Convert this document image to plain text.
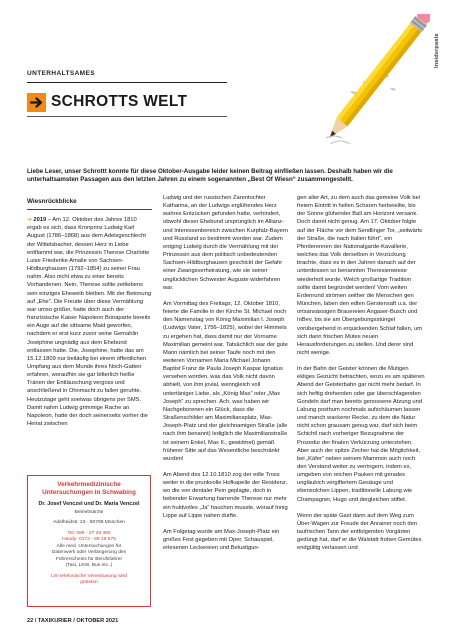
Insiderpaste
UNTERHALTSAMES
SCHROTTS WELT
Liebe Leser, unser Schrottt konnte für diese Oktober-Ausgabe leider keinen Beitrag einfließen lassen. Deshalb haben wir die unterhaltsamsten Passagen aus den letzten Jahren zu einem sogenannten „Best Of Wiesn“ zusammengestellt.
Wiesnrückblicke

➔ 2019 – Am 12. Oktober des Jahres 1810 ergab es sich, dass Kronprinz Ludwig Karl August (1786–1868) aus dem Adelsgeschlecht der Wittelsbacher, dessen Herz in Liebe entflammt war, die Prinzessin Therese Charlotte Luise Friederike Amalie von Sachsen-Hildburghausen (1792–1854) zu seiner Frau nahm. Also nicht etwa zu einer bereits Vorhandenen. Nein, Therese sollte zeitlebens sein einziges Eheweib bleiben. Mit der Betonung auf „Ehe“. Die Freude über diese Vermählung war umso größer, hatte doch auch der französische Kaiser Napoleon Bonaparte bereits ein Auge auf die sittsame Maid geworfen, nachdem er erst kurz zuvor seine Gemahlin Joséphine ungnädig aus dem Ehebund entlassen hatte. Die, Josephine, hatte das am 15.12.1809 nur beiläufig bei einem öffentlichen Umpfang aus dem Munde ihres Noch-Gatten erfahren, woraufhin sie gar bitterlich heiße Tränen der Enttäuschung vergoss und anschließend in Ohnmacht zu fallen geruhte. Heutzutage geht soetwas übrigens per SMS. Damit nahm Ludwig grimmige Rache an Napoleon, hatte der doch seinerseits vorher die Heirat zwischen

Verkehrmedizinische Untersuchungen in Schwabing
Dr. Josef Venczel und Dr. Maria Venczel
Betriebsärzte
Adelheidstr. 23 · 80798 München
Tel: 089 - 27 29 460
Handy: 0172 - 89 18 575
Alle med. Untersuchungen für
Datenwerk oder Verlängerung des
Führerscheins für Berufsfahrer
(Taxi, LKW, Bus etc..)
Um telefonische Vereinbarung wird
gebeten

Ludwig und der russischen Zarentochter Katharina, an der Ludwigs erglühendes Herz wahres Entzücken gefunden hatte, verhindert, obwohl dieser Ehebund ursprünglich im Allianz- und Interessenbereich zwischen Kurpfalz-Bayern und Russland so bestimmt worden war. Zudem entging Ludwig durch die Vermählung mit der Prinzessin aus dem politisch unbedeutenden Sachsen-Hildburghausen geschickt der Gefahr einer Zwangsverheiratung, wie sie seiner unglücklichen Schwester Auguste widerfahren war.

Am Vormittag des Freitags, 12. Oktober 1810, feierte die Familie in der Kirche St. Michael noch den Namenstag von König Maximilian I. Joseph (Ludwigs Vater, 1756–1825), wobei der Himmels zu ergehen hat, dass damit nur der Vorname Maximilian gemeint war. Tatsächlich war der gute Mann nämlich bei seiner Taufe noch mit den weiteren Vornamen Maria Michael Johann Baptist Franz de Paula Joseph Kaspar Ignatius versehen worden, was das Volk nicht davon abhielt, von ihm jovial, wenngleich voll untertäniger Liebe, als „König Max“ oder „Max Joseph“ zu sprechen. Ach, was haben wir Nachgeborenen ein Glück, dass die Straßenschilder am Maximiliansplatz, Max-Joseph-Platz und der gleichnamigen Straße (alle nach ihm benannt) lediglich die Maximilianstraße ist seinem Enkel, Max II., gewidmet) gemäß früherer Sitte auf das Wesentliche beschränkt wurden!

Am Abend des 12.10.1810 zog der edle Tross weiter in die prunkvolle Hofkapelle der Residenz, wo die von dentaler Pein geplagte, doch in bebender Erwartung harrende Therese nur mehr ein huldvolles „Ja“ hauchen musste, worauf Innig Lippe auf Lippe nahen durfte.

Am Folgetag wurde am Max-Joseph-Platz ein großes Fest gegeben mit Oper, Schauspiel, erlesenen Leckereien und Belustigun-

gen aller Art, zu dem auch das gemeine Volk bei freiem Eintritt in hellen Scharen herbeieilte, bis der Sonne glühender Ball am Horizont versank. Doch damit nicht genug. Am 17. Oktober folgte auf der Fläche vor dem Sendlinger Tor, „seitwärts der Straße, die nach Italien führt“, ein Pferderennen der Nationalgarde-Kavallerie, welches das Volk derselben in Verzückung brachte, dass es in den Jahren danach auf der unterdessen so benannten Theresienwiese wiederholt wurde. Welch großartige Tradition sollte damit begründet werden! Vom weiten Erdenrund strömen seither die Menschen gen München, laben den edlen Gerstensaft u.a. der ortsansässigen Brauereien Angaser-Busch und InBev, bis sie am Übergebungsstüngel vorübergehend in erquickenden Schlaf fallen, um sich dann frischen Mutes neuen Herausforderungen zu stellen. Und derer sind nicht wenige.

In der Bahn der Geister können die Mutigen ekliges Gezücht betrachten, wozu es am späteren Abend der Geisterbahn gar nicht mehr bedarf. In sich heftig drehenden oder gar überschlagenden Gondeln darf man bereits genossene Atzung und Labung posthum nochmals aufschäumen lassen und manch wackerer Recke, zu dem die Natur nicht schon grausam genug war, darf sich beim Schichtl nach vorheriger Bezugnahme der Prozedur der finalen Verkürzung unterziehen. Aber auch der spitze Zecher hat die Möglichkeit, bei „Käfer“ neben seinem Mammon auch noch den Verstand weiter zu verringern, indem es, umgeben von reichen Pauken mit gerades ungläubich vergiftertem Gesäuge und ebensolchen Lippen, traditionelle Labung wie Champagner, Hugo und dergleichen stiftet.

Wenn der späte Gast dann auf dem Weg zum Über-Wagen zur Freude der Anrainer noch den taufrischen Tann der entfolgenden Vorgärten gedüngt hat, darf er die Walstatt frohen Gemütes endgültig verlassen und

22 / TAXIKURIER / OKTOBER 2021
